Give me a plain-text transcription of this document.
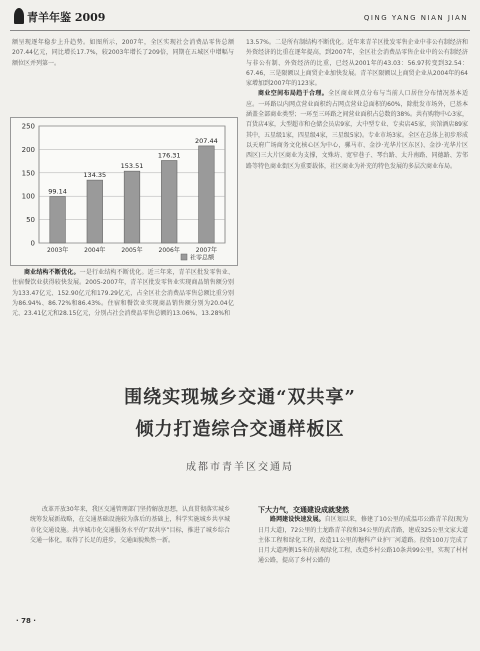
青羊年鉴 2009	QING YANG NIAN JIAN

额呈现逐年稳步上升趋势。如图所示，2007年，全区实现社会消费品零售总额207.44亿元，同比增长17.7%，较2003年增长了209倍，同期在五城区中增幅与额位区并列第一。

0
50
100
150
200
250
99.14
2003年
134.35
2004年
153.51
2005年
176.31
2006年
207.44
2007年
社零总额

商业结构不断优化。一是行业结构不断优化。近三年来，青羊区批发零售业、住宿餐饮业获得较快发展。2005-2007年，青羊区批发零售业实现商品销售额分别为133.47亿元、152.90亿元和179.29亿元，占全区社会消费品零售总额比重分别为86.94%、86.72%和86.43%。住宿和餐饮业实现商品销售额分别为20.04亿元、23.41亿元和28.15亿元，分别占社会消费品零售总额的13.06%、13.28%和

13.57%。二是所有制结构不断优化。近年来青羊区批发零售企业中非公有制经济和外资经济的比重在逐年提高，到2007年，全区社会消费品零售企业中的公有制经济与非公有制、外资经济的比重，已经从2001年的43.03：56.97转变到32.54：67.46，三是限额以上商贸企业加快发展。青羊区限额以上商贸企业从2004年的64家增加到2007年的123家。

商业空间布局趋于合理。全区商业网点分布与当前人口居住分布情况基本适应。一环路以内网点营业面积约占网点营业总面积的60%，除批发市场外，已基本涵盖全部商业类型；一环至三环路之间营业面积占总数的38%。共有购物中心3家，百货店4家，大型超市和仓储会员店9家，大中型专业、专卖店45家，宾馆酒店89家其中，五星级1家，四星级4家，三星级5家)。专业市场3家。全区在总体上初步形成以天府广场商务文化核心区为中心，骡马市、金沙·光华片区东区)、金沙·光华片区西区)三大片区商业为支撑，文殊坊、宽窄巷子、琴台路、太升南路、同德路、芳邻路等特色商业街区为重要载体，社区商业为补充的特色发展的多层次商业布局。

围绕实现城乡交通“双共享”
倾力打造综合交通样板区
成都市青羊区交通局

改革开放30年来，我区交通管理部门坚持解放思想，认真贯彻落实城乡统筹发展新战略，在交通基础设施较为落后的基础上，科学实施城乡共享城市化交通设施。共享城市化交通服务水平的“双共享”目标，推进了城乡综合交通一体化，取得了长足的进步，交通面貌焕然一新。

下大力气，交通建设成就斐然

路网建设快速发展。自区划以来，修建了10公里的成温邛公路青羊段(现为日月大道)，72公里的土龙路青羊段和34公里的武青路，建成325公里文家大道主体工程和绿化工程，改造11公里的糖科产业护厂河道路。投资100万完成了日月大道两侧15米的景观绿化工程，改造乡村公路10条共99公里，实现了村村通公路，提高了乡村公路的

· 78 ·
